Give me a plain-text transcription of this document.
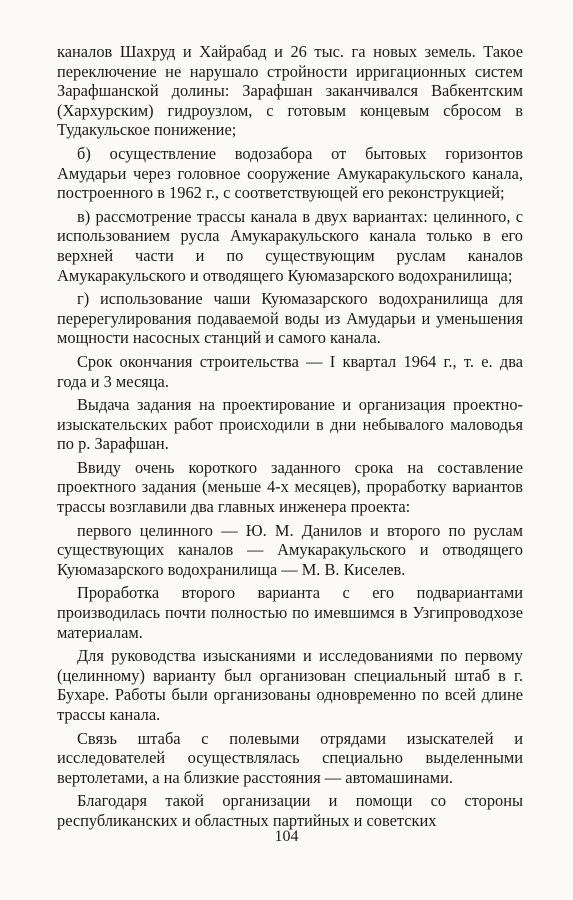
каналов Шахруд и Хайрабад и 26 тыс. га новых земель. Такое переключение не нарушало стройности ирригационных систем Зарафшанской долины: Зарафшан заканчивался Вабкентским (Хархурским) гидроузлом, с готовым концевым сбросом в Тудакульское понижение;

б) осуществление водозабора от бытовых горизонтов Амударьи через головное сооружение Амукаракульского канала, построенного в 1962 г., с соответствующей его реконструкцией;

в) рассмотрение трассы канала в двух вариантах: целинного, с использованием русла Амукаракульского канала только в его верхней части и по существующим руслам каналов Амукаракульского и отводящего Куюмазарского водохранилища;

г) использование чаши Куюмазарского водохранилища для перерегулирования подаваемой воды из Амударьи и уменьшения мощности насосных станций и самого канала.

Срок окончания строительства — I квартал 1964 г., т. е. два года и 3 месяца.

Выдача задания на проектирование и организация проектно-изыскательских работ происходили в дни небывалого маловодья по р. Зарафшан.

Ввиду очень короткого заданного срока на составление проектного задания (меньше 4-х месяцев), проработку вариантов трассы возглавили два главных инженера проекта:

первого целинного — Ю. М. Данилов и второго по руслам существующих каналов — Амукаракульского и отводящего Куюмазарского водохранилища — М. В. Киселев.

Проработка второго варианта с его подвариантами производилась почти полностью по имевшимся в Узгипроводхозе материалам.

Для руководства изысканиями и исследованиями по первому (целинному) варианту был организован специальный штаб в г. Бухаре. Работы были организованы одновременно по всей длине трассы канала.

Связь штаба с полевыми отрядами изыскателей и исследователей осуществлялась специально выделенными вертолетами, а на близкие расстояния — автомашинами.

Благодаря такой организации и помощи со стороны республиканских и областных партийных и советских

104
